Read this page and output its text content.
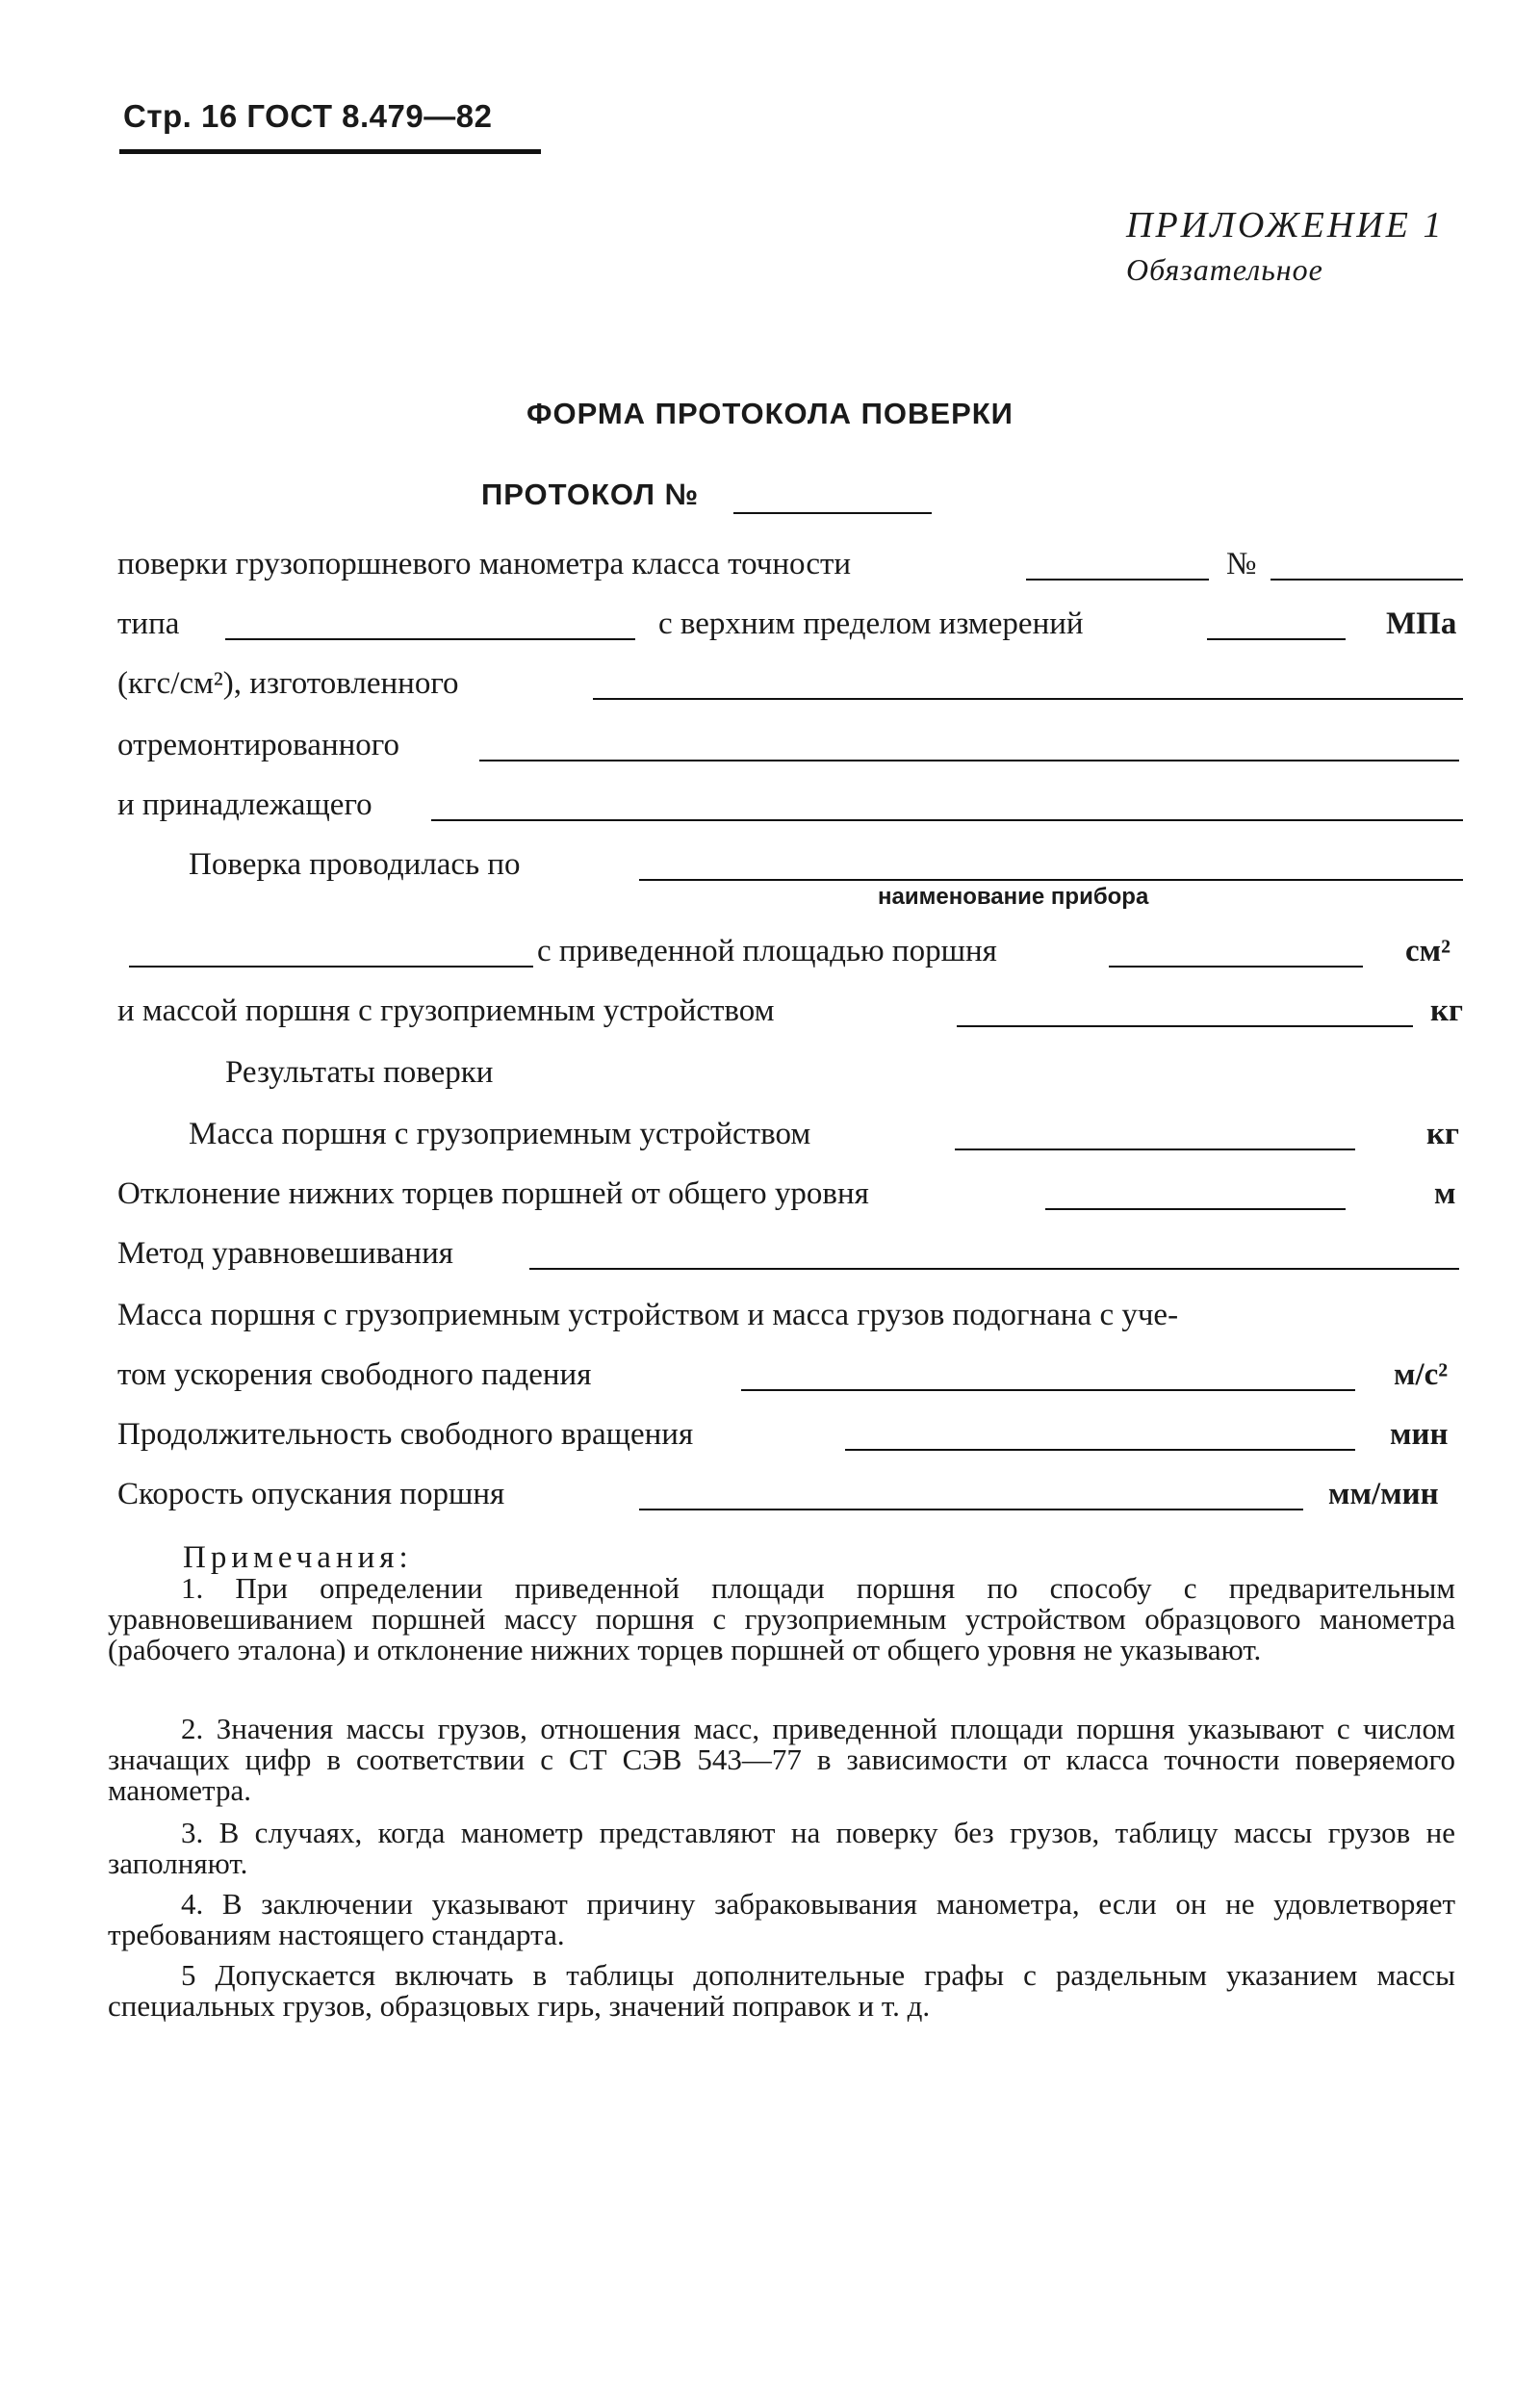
Стр. 16 ГОСТ 8.479—82
ПРИЛОЖЕНИЕ 1
Обязательное
ФОРМА ПРОТОКОЛА ПОВЕРКИ
ПРОТОКОЛ №
поверки грузопоршневого манометра класса точности	№
типа	с верхним пределом измерений	МПа
(кгс/см²), изготовленного
отремонтированного
и принадлежащего
Поверка проводилась по
наименование прибора
с приведенной площадью поршня	см²
и массой поршня с грузоприемным устройством	кг
Результаты поверки
Масса поршня с грузоприемным устройством	кг
Отклонение нижних торцев поршней от общего уровня	м
Метод уравновешивания
Масса поршня с грузоприемным устройством и масса грузов подогнана с уче-
том ускорения свободного падения	м/с²
Продолжительность свободного вращения	мин
Скорость опускания поршня	мм/мин
Примечания:
1. При определении приведенной площади поршня по способу с предварительным уравновешиванием поршней массу поршня с грузоприемным устройством образцового манометра (рабочего эталона) и отклонение нижних торцев поршней от общего уровня не указывают.
2. Значения массы грузов, отношения масс, приведенной площади поршня указывают с числом значащих цифр в соответствии с СТ СЭВ 543—77 в зависимости от класса точности поверяемого манометра.
3. В случаях, когда манометр представляют на поверку без грузов, таблицу массы грузов не заполняют.
4. В заключении указывают причину забраковывания манометра, если он не удовлетворяет требованиям настоящего стандарта.
5 Допускается включать в таблицы дополнительные графы с раздельным указанием массы специальных грузов, образцовых гирь, значений поправок и т. д.
